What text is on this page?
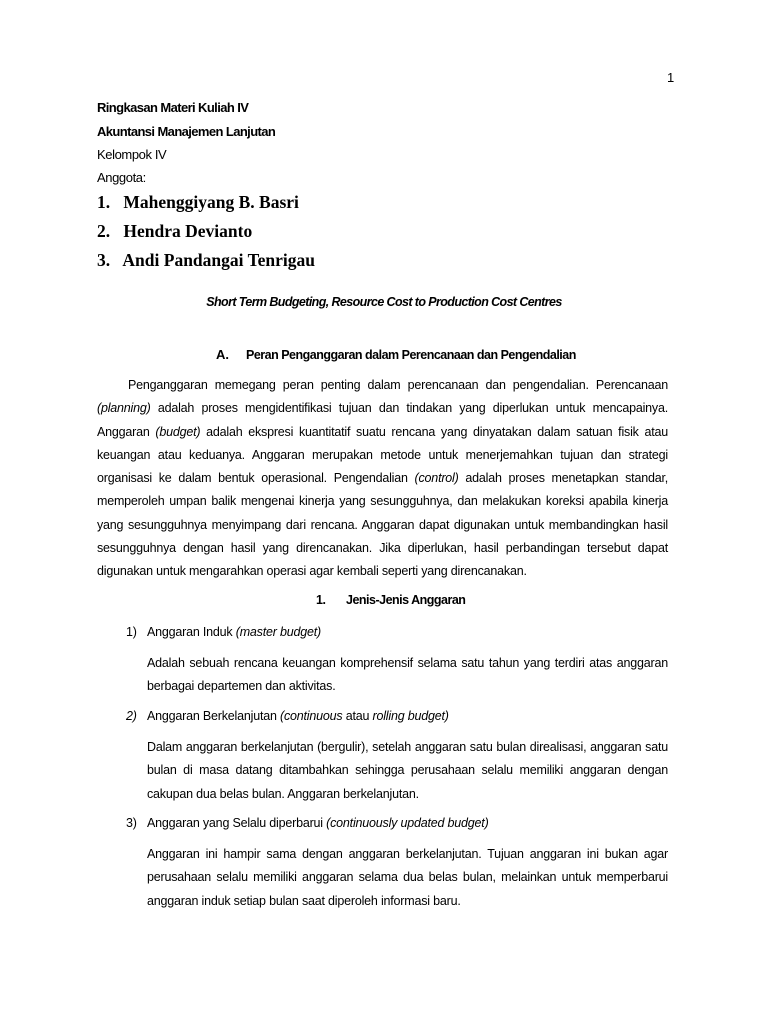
1
Ringkasan Materi Kuliah IV
Akuntansi Manajemen Lanjutan
Kelompok IV
Anggota:
1. Mahenggiyang B. Basri
2. Hendra Devianto
3. Andi Pandangai Tenrigau
Short Term Budgeting, Resource Cost to Production Cost Centres
A. Peran Penganggaran dalam Perencanaan dan Pengendalian

Penganggaran memegang peran penting dalam perencanaan dan pengendalian. Perencanaan (planning) adalah proses mengidentifikasi tujuan dan tindakan yang diperlukan untuk mencapainya. Anggaran (budget) adalah ekspresi kuantitatif suatu rencana yang dinyatakan dalam satuan fisik atau keuangan atau keduanya. Anggaran merupakan metode untuk menerjemahkan tujuan dan strategi organisasi ke dalam bentuk operasional. Pengendalian (control) adalah proses menetapkan standar, memperoleh umpan balik mengenai kinerja yang sesungguhnya, dan melakukan koreksi apabila kinerja yang sesungguhnya menyimpang dari rencana. Anggaran dapat digunakan untuk membandingkan hasil sesungguhnya dengan hasil yang direncanakan. Jika diperlukan, hasil perbandingan tersebut dapat digunakan untuk mengarahkan operasi agar kembali seperti yang direncanakan.

1. Jenis-Jenis Anggaran
1) Anggaran Induk (master budget)

Adalah sebuah rencana keuangan komprehensif selama satu tahun yang terdiri atas anggaran berbagai departemen dan aktivitas.

2) Anggaran Berkelanjutan (continuous atau rolling budget)

Dalam anggaran berkelanjutan (bergulir), setelah anggaran satu bulan direalisasi, anggaran satu bulan di masa datang ditambahkan sehingga perusahaan selalu memiliki anggaran dengan cakupan dua belas bulan. Anggaran berkelanjutan.

3) Anggaran yang Selalu diperbarui (continuously updated budget)

Anggaran ini hampir sama dengan anggaran berkelanjutan. Tujuan anggaran ini bukan agar perusahaan selalu memiliki anggaran selama dua belas bulan, melainkan untuk memperbarui anggaran induk setiap bulan saat diperoleh informasi baru.
